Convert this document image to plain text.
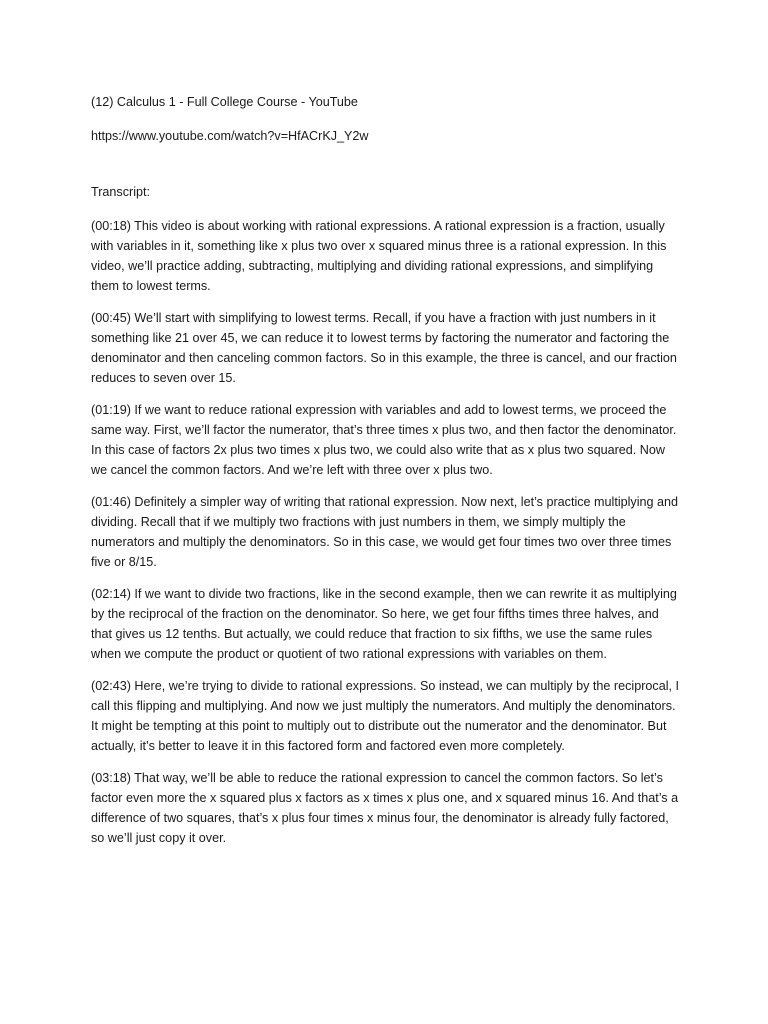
(12) Calculus 1 - Full College Course - YouTube

https://www.youtube.com/watch?v=HfACrKJ_Y2w

Transcript:

(00:18) This video is about working with rational expressions. A rational expression is a fraction, usually with variables in it, something like x plus two over x squared minus three is a rational expression. In this video, we’ll practice adding, subtracting, multiplying and dividing rational expressions, and simplifying them to lowest terms.

(00:45) We’ll start with simplifying to lowest terms. Recall, if you have a fraction with just numbers in it something like 21 over 45, we can reduce it to lowest terms by factoring the numerator and factoring the denominator and then canceling common factors. So in this example, the three is cancel, and our fraction reduces to seven over 15.

(01:19) If we want to reduce rational expression with variables and add to lowest terms, we proceed the same way. First, we’ll factor the numerator, that’s three times x plus two, and then factor the denominator. In this case of factors 2x plus two times x plus two, we could also write that as x plus two squared. Now we cancel the common factors. And we’re left with three over x plus two.

(01:46) Definitely a simpler way of writing that rational expression. Now next, let’s practice multiplying and dividing. Recall that if we multiply two fractions with just numbers in them, we simply multiply the numerators and multiply the denominators. So in this case, we would get four times two over three times five or 8/15.

(02:14) If we want to divide two fractions, like in the second example, then we can rewrite it as multiplying by the reciprocal of the fraction on the denominator. So here, we get four fifths times three halves, and that gives us 12 tenths. But actually, we could reduce that fraction to six fifths, we use the same rules when we compute the product or quotient of two rational expressions with variables on them.

(02:43) Here, we’re trying to divide to rational expressions. So instead, we can multiply by the reciprocal, I call this flipping and multiplying. And now we just multiply the numerators. And multiply the denominators. It might be tempting at this point to multiply out to distribute out the numerator and the denominator. But actually, it’s better to leave it in this factored form and factored even more completely.

(03:18) That way, we’ll be able to reduce the rational expression to cancel the common factors. So let’s factor even more the x squared plus x factors as x times x plus one, and x squared minus 16. And that’s a difference of two squares, that’s x plus four times x minus four, the denominator is already fully factored, so we’ll just copy it over.
